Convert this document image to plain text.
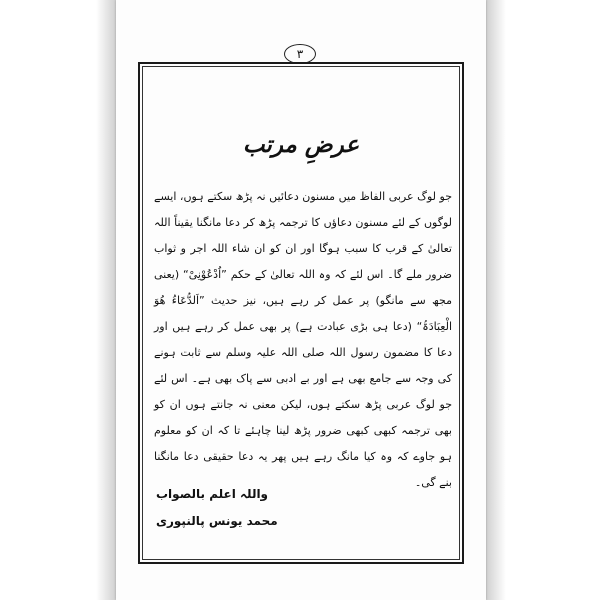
۳
عرضِ مرتب
جو لوگ عربی الفاظ میں مسنون دعائیں نہ پڑھ سکتے ہوں، ایسے لوگوں کے لئے مسنون دعاؤں کا ترجمہ پڑھ کر دعا مانگنا یقیناً اللہ تعالیٰ کے قرب کا سبب ہوگا اور ان کو ان شاء اللہ اجر و ثواب ضرور ملے گا۔ اس لئے کہ وہ اللہ تعالیٰ کے حکم ”اُدْعُوْنِیْ“ (یعنی مجھ سے مانگو) پر عمل کر رہے ہیں، نیز حدیث ”اَلدُّعَاءُ ھُوَ الْعِبَادَۃُ“ (دعا ہی بڑی عبادت ہے) پر بھی عمل کر رہے ہیں اور دعا کا مضمون رسول اللہ صلی اللہ علیہ وسلم سے ثابت ہونے کی وجہ سے جامع بھی ہے اور بے ادبی سے پاک بھی ہے۔ اس لئے جو لوگ عربی پڑھ سکتے ہوں، لیکن معنی نہ جانتے ہوں ان کو بھی ترجمہ کبھی کبھی ضرور پڑھ لینا چاہئے تا کہ ان کو معلوم ہو جاوے کہ وہ کیا مانگ رہے ہیں پھر یہ دعا حقیقی دعا مانگنا بنے گی۔
واللہ اعلم بالصواب
محمد یونس پالنپوری
